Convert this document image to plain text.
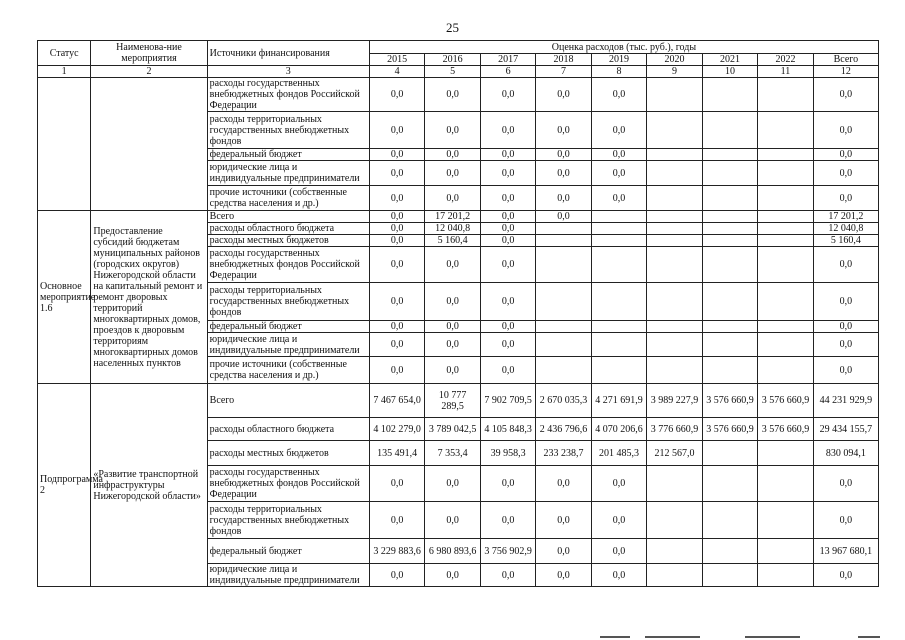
25
Статус	Наименова-ние мероприятия	Источники финансирования	Оценка расходов (тыс. руб.), годы								
			2015	2016	2017	2018	2019	2020	2021	2022	Всего
1	2	3	4	5	6	7	8	9	10	11	12
		расходы государственных внебюджетных фондов Российской Федерации	0,0	0,0	0,0	0,0	0,0				0,0
		расходы территориальных государственных внебюджетных фондов	0,0	0,0	0,0	0,0	0,0				0,0
		федеральный бюджет	0,0	0,0	0,0	0,0	0,0				0,0
		юридические лица и индивидуальные предприниматели	0,0	0,0	0,0	0,0	0,0				0,0
		прочие источники (собственные средства населения и др.)	0,0	0,0	0,0	0,0	0,0				0,0
Основное мероприятие 1.6	Предоставление субсидий бюджетам муниципальных районов (городских округов) Нижегородской области на капитальный ремонт и ремонт дворовых территорий многоквартирных домов, проездов к дворовым территориям многоквартирных домов населенных пунктов	Всего	0,0	17 201,2	0,0	0,0					17 201,2
		расходы областного бюджета	0,0	12 040,8	0,0						12 040,8
		расходы местных бюджетов	0,0	5 160,4	0,0						5 160,4
		расходы государственных внебюджетных фондов Российской Федерации	0,0	0,0	0,0						0,0
		расходы территориальных государственных внебюджетных фондов	0,0	0,0	0,0						0,0
		федеральный бюджет	0,0	0,0	0,0						0,0
		юридические лица и индивидуальные предприниматели	0,0	0,0	0,0						0,0
		прочие источники (собственные средства населения и др.)	0,0	0,0	0,0						0,0
Подпрограмма 2	«Развитие транспортной инфраструктуры Нижегородской области»	Всего	7 467 654,0	10 777 289,5	7 902 709,5	2 670 035,3	4 271 691,9	3 989 227,9	3 576 660,9	3 576 660,9	44 231 929,9
		расходы областного бюджета	4 102 279,0	3 789 042,5	4 105 848,3	2 436 796,6	4 070 206,6	3 776 660,9	3 576 660,9	3 576 660,9	29 434 155,7
		расходы местных бюджетов	135 491,4	7 353,4	39 958,3	233 238,7	201 485,3	212 567,0			830 094,1
		расходы государственных внебюджетных фондов Российской Федерации	0,0	0,0	0,0	0,0	0,0				0,0
		расходы территориальных государственных внебюджетных фондов	0,0	0,0	0,0	0,0	0,0				0,0
		федеральный бюджет	3 229 883,6	6 980 893,6	3 756 902,9	0,0	0,0				13 967 680,1
		юридические лица и индивидуальные предприниматели	0,0	0,0	0,0	0,0	0,0				0,0
